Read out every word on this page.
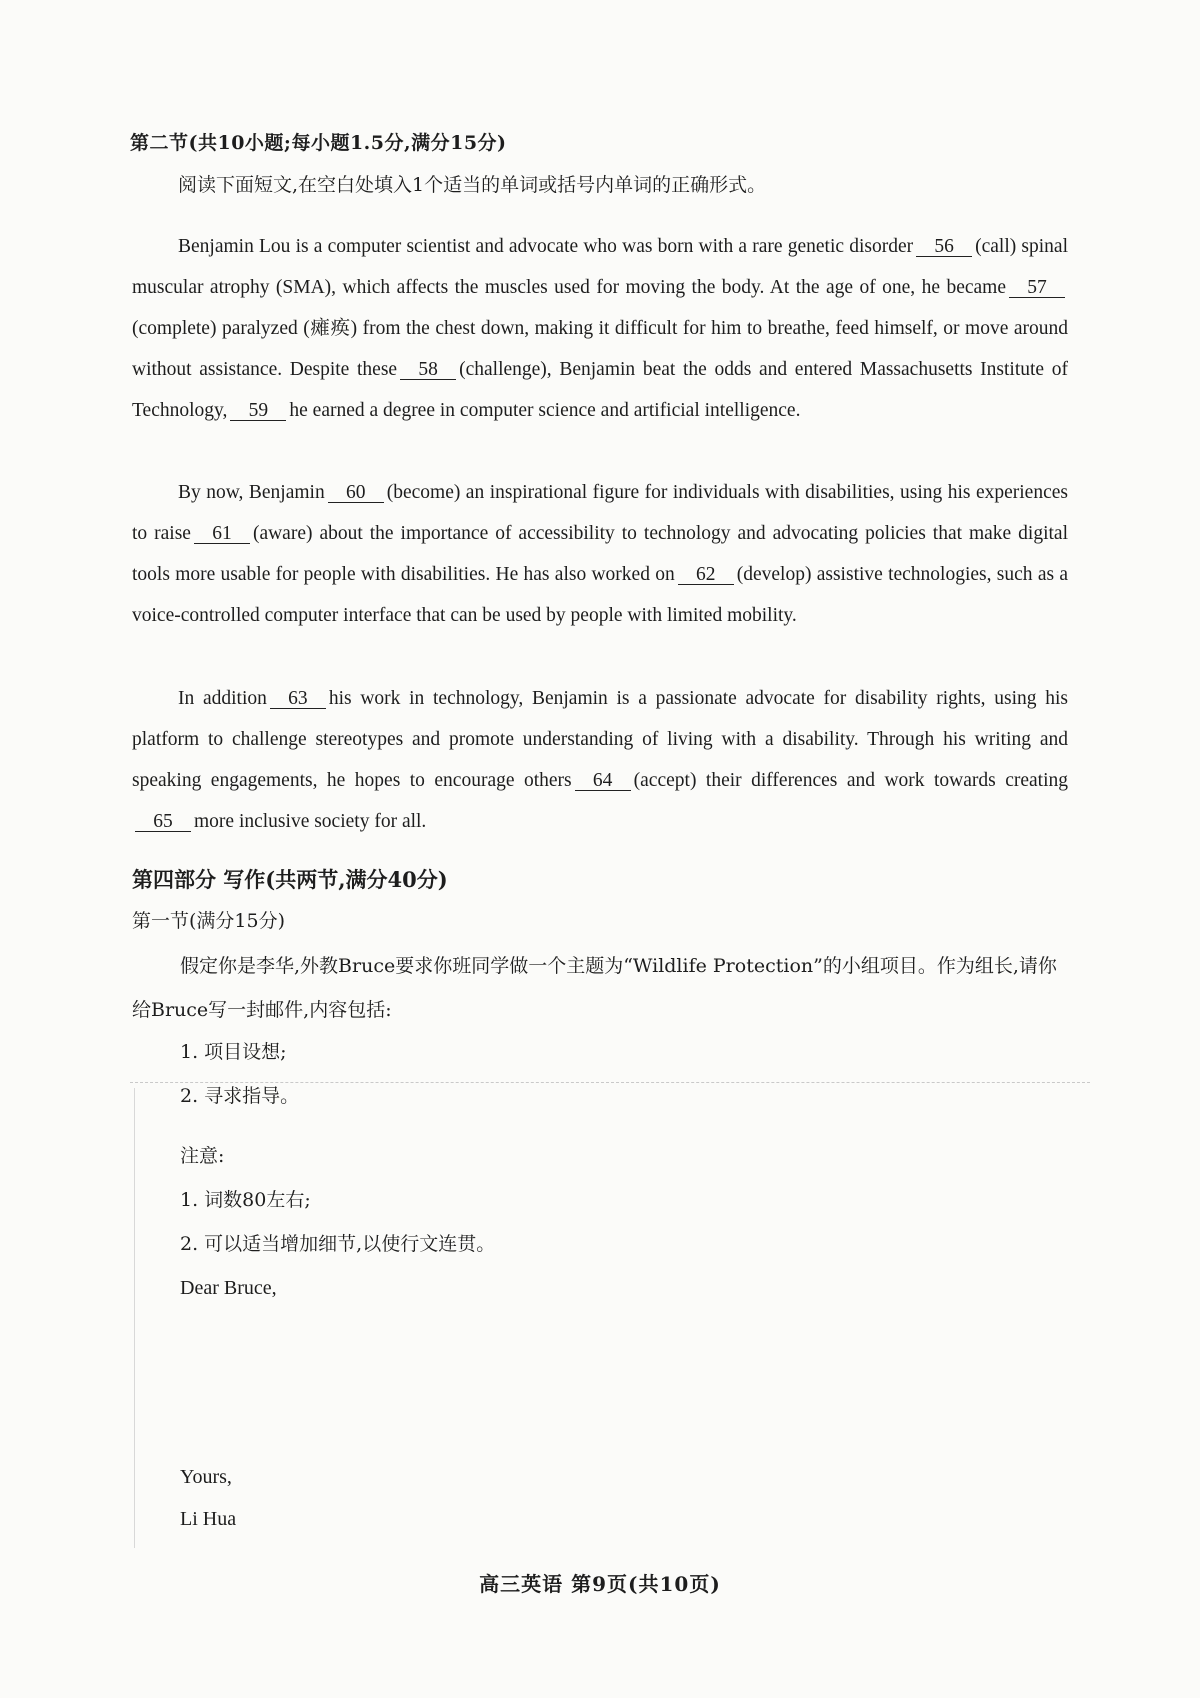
第二节(共10小题;每小题1.5分,满分15分)
阅读下面短文,在空白处填入1个适当的单词或括号内单词的正确形式。

Benjamin Lou is a computer scientist and advocate who was born with a rare genetic disorder 56 (call) spinal muscular atrophy (SMA), which affects the muscles used for moving the body. At the age of one, he became 57(complete) paralyzed (瘫痪) from the chest down, making it difficult for him to breathe, feed himself, or move around without assistance. Despite these 58 (challenge), Benjamin beat the odds and entered Massachusetts Institute of Technology, 59 he earned a degree in computer science and artificial intelligence.

By now, Benjamin 60 (become) an inspirational figure for individuals with disabilities, using his experiences to raise 61 (aware) about the importance of accessibility to technology and advocating policies that make digital tools more usable for people with disabilities. He has also worked on 62 (develop) assistive technologies, such as a voice-controlled computer interface that can be used by people with limited mobility.

In addition 63 his work in technology, Benjamin is a passionate advocate for disability rights, using his platform to challenge stereotypes and promote understanding of living with a disability. Through his writing and speaking engagements, he hopes to encourage others 64 (accept) their differences and work towards creating65 more inclusive society for all.

第四部分 写作(共两节,满分40分)
第一节(满分15分)
假定你是李华,外教Bruce要求你班同学做一个主题为“Wildlife Protection”的小组项目。作为组长,请你给Bruce写一封邮件,内容包括:
1. 项目设想;
2. 寻求指导。
注意:
1. 词数80左右;
2. 可以适当增加细节,以使行文连贯。
Dear Bruce,
Yours,
Li Hua
高三英语 第9页(共10页)
